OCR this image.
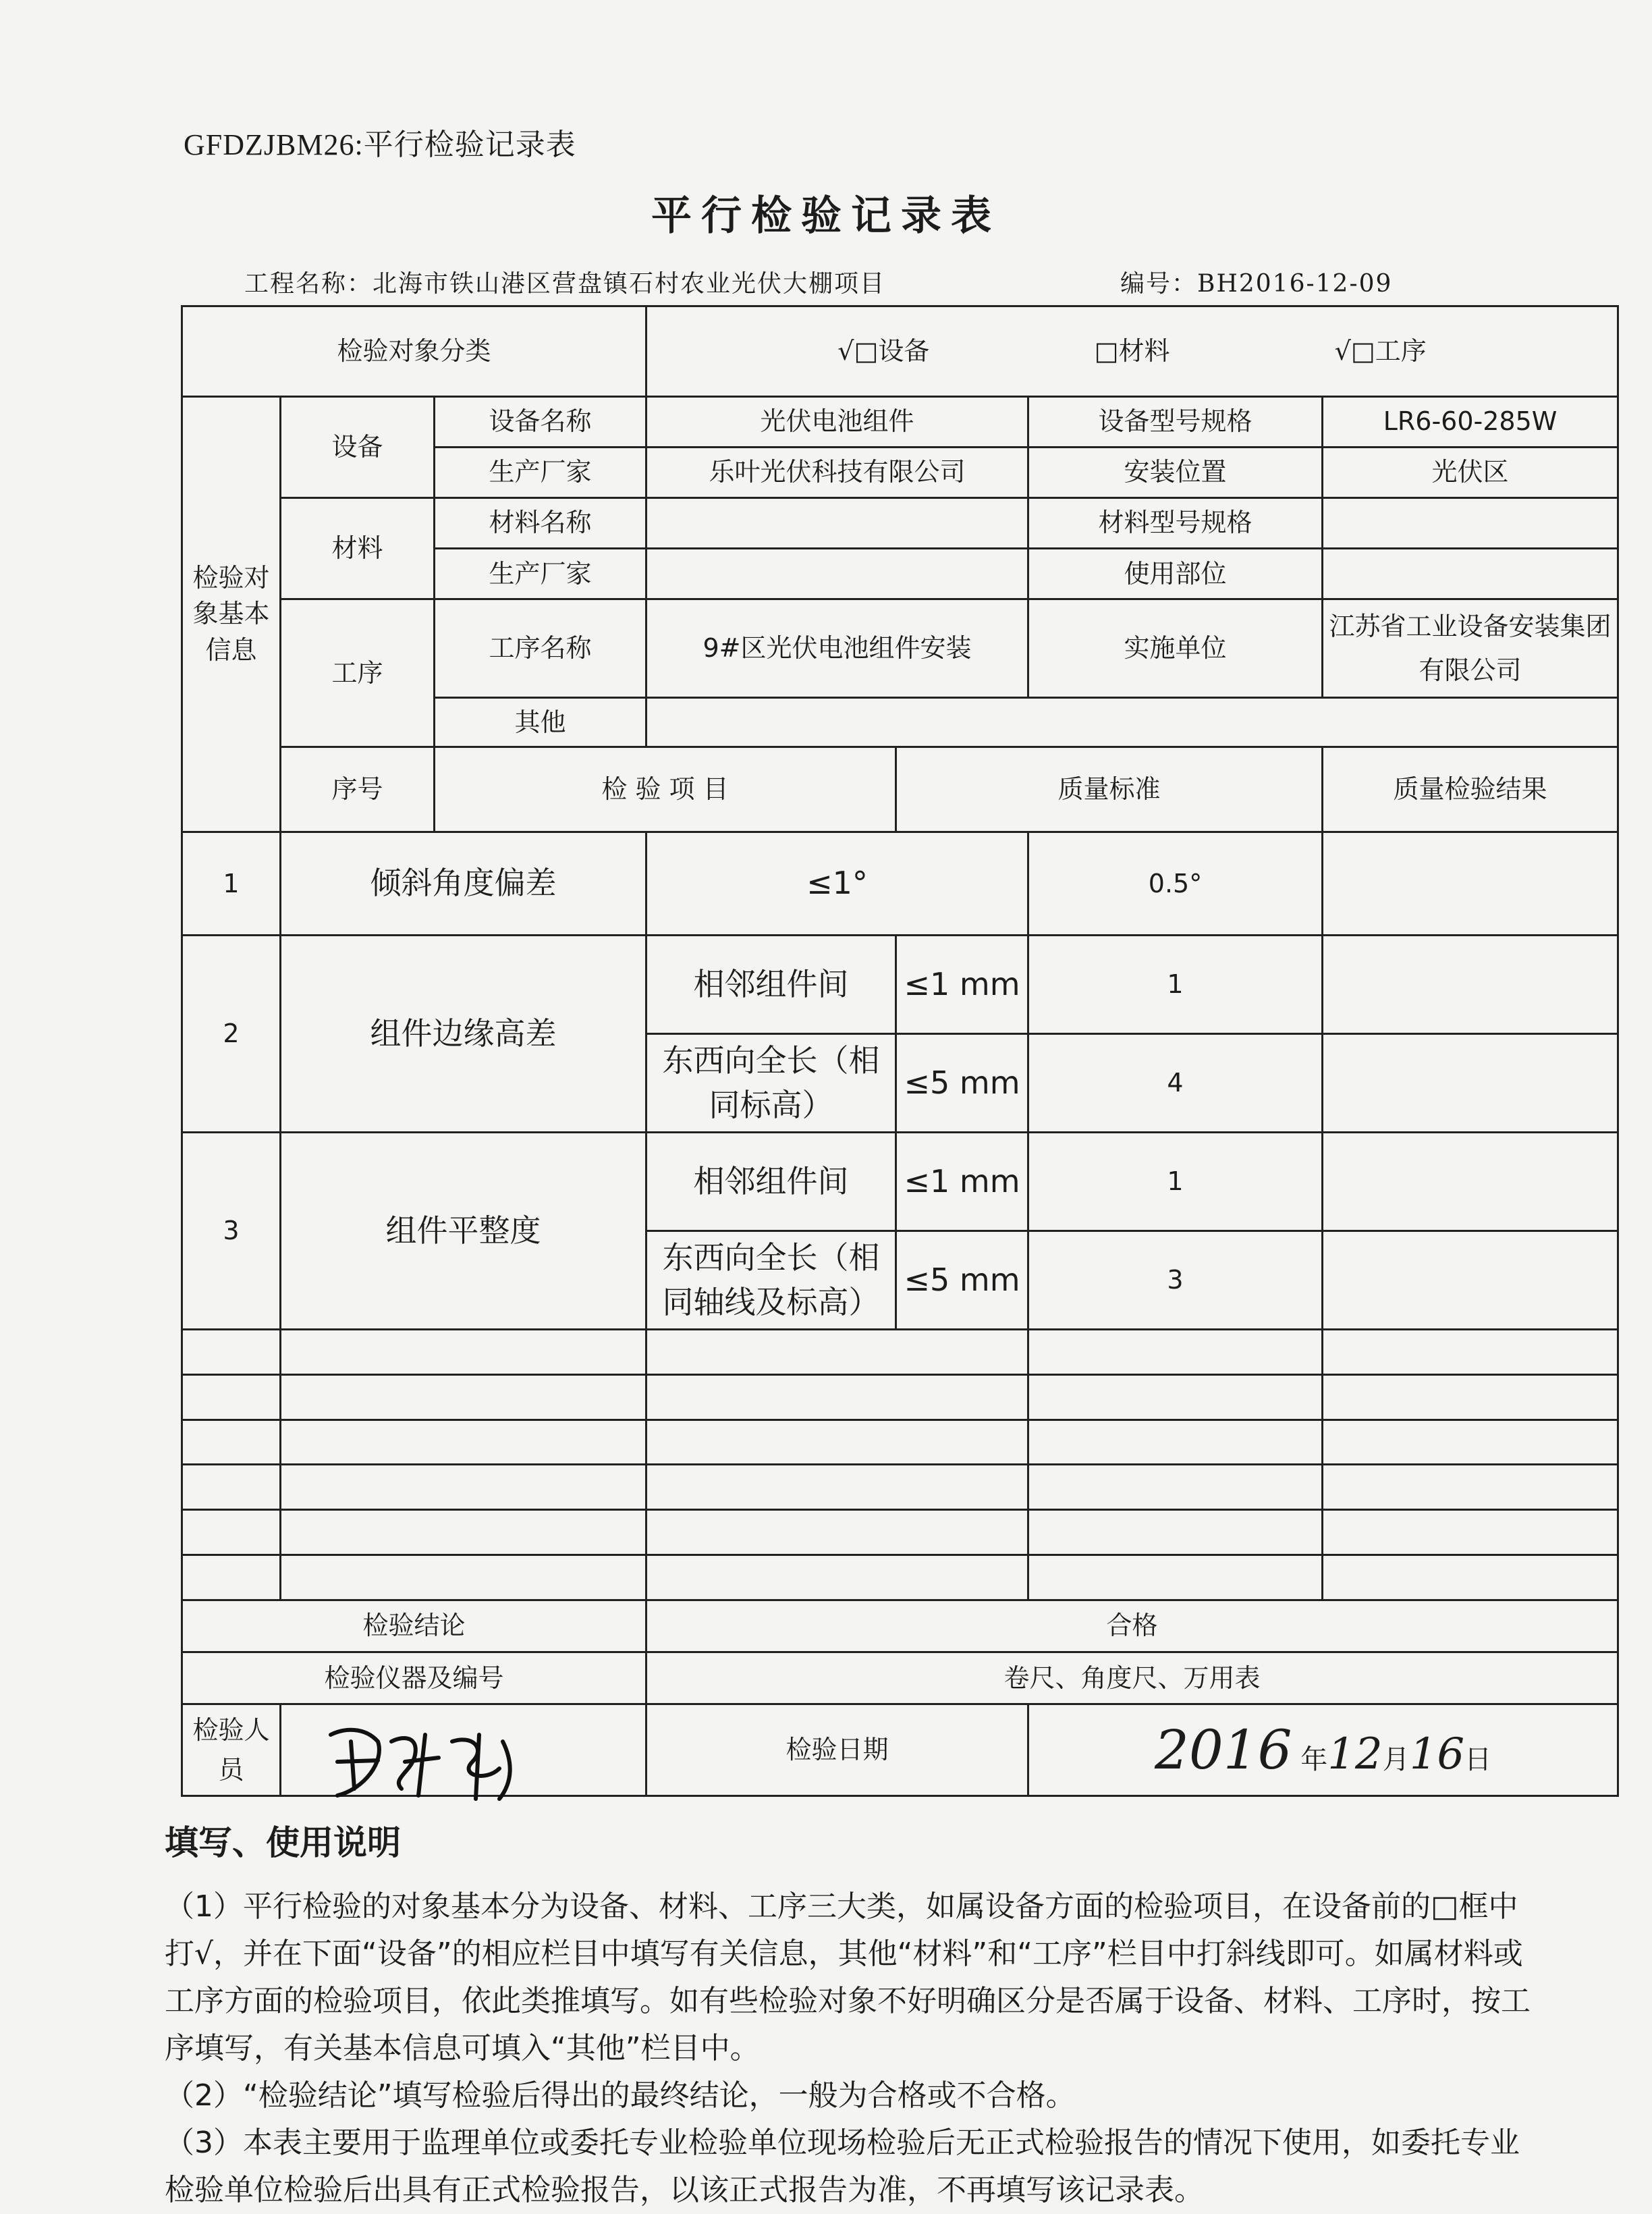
GFDZJBM26:平行检验记录表
平行检验记录表
工程名称：北海市铁山港区营盘镇石村农业光伏大棚项目	编号：BH2016-12-09
检验对象分类			√□设备 □材料 √□工序				
检验对象基本信息	设备	设备名称	光伏电池组件		设备型号规格	LR6-60-285W	
		生产厂家	乐叶光伏科技有限公司		安装位置	光伏区	
	材料	材料名称			材料型号规格		
		生产厂家			使用部位		
	工序	工序名称	9#区光伏电池组件安装		实施单位	江苏省工业设备安装集团有限公司	
		其他					
	序号	检 验 项 目		质量标准		质量检验结果	
1	倾斜角度偏差		≤1°		0.5°		
2	组件边缘高差		相邻组件间	≤1 mm	1		
			东西向全长（相同标高）	≤5 mm	4		
3	组件平整度		相邻组件间	≤1 mm	1		
			东西向全长（相同轴线及标高）	≤5 mm	3		

检验结论			合格				
检验仪器及编号			卷尺、角度尺、万用表				
检验人员			检验日期		2016 年12月16日		
填写、使用说明
（1）平行检验的对象基本分为设备、材料、工序三大类，如属设备方面的检验项目，在设备前的□框中打√，并在下面“设备”的相应栏目中填写有关信息，其他“材料”和“工序”栏目中打斜线即可。如属材料或工序方面的检验项目，依此类推填写。如有些检验对象不好明确区分是否属于设备、材料、工序时，按工序填写，有关基本信息可填入“其他”栏目中。
（2）“检验结论”填写检验后得出的最终结论，一般为合格或不合格。
（3）本表主要用于监理单位或委托专业检验单位现场检验后无正式检验报告的情况下使用，如委托专业检验单位检验后出具有正式检验报告，以该正式报告为准，不再填写该记录表。
